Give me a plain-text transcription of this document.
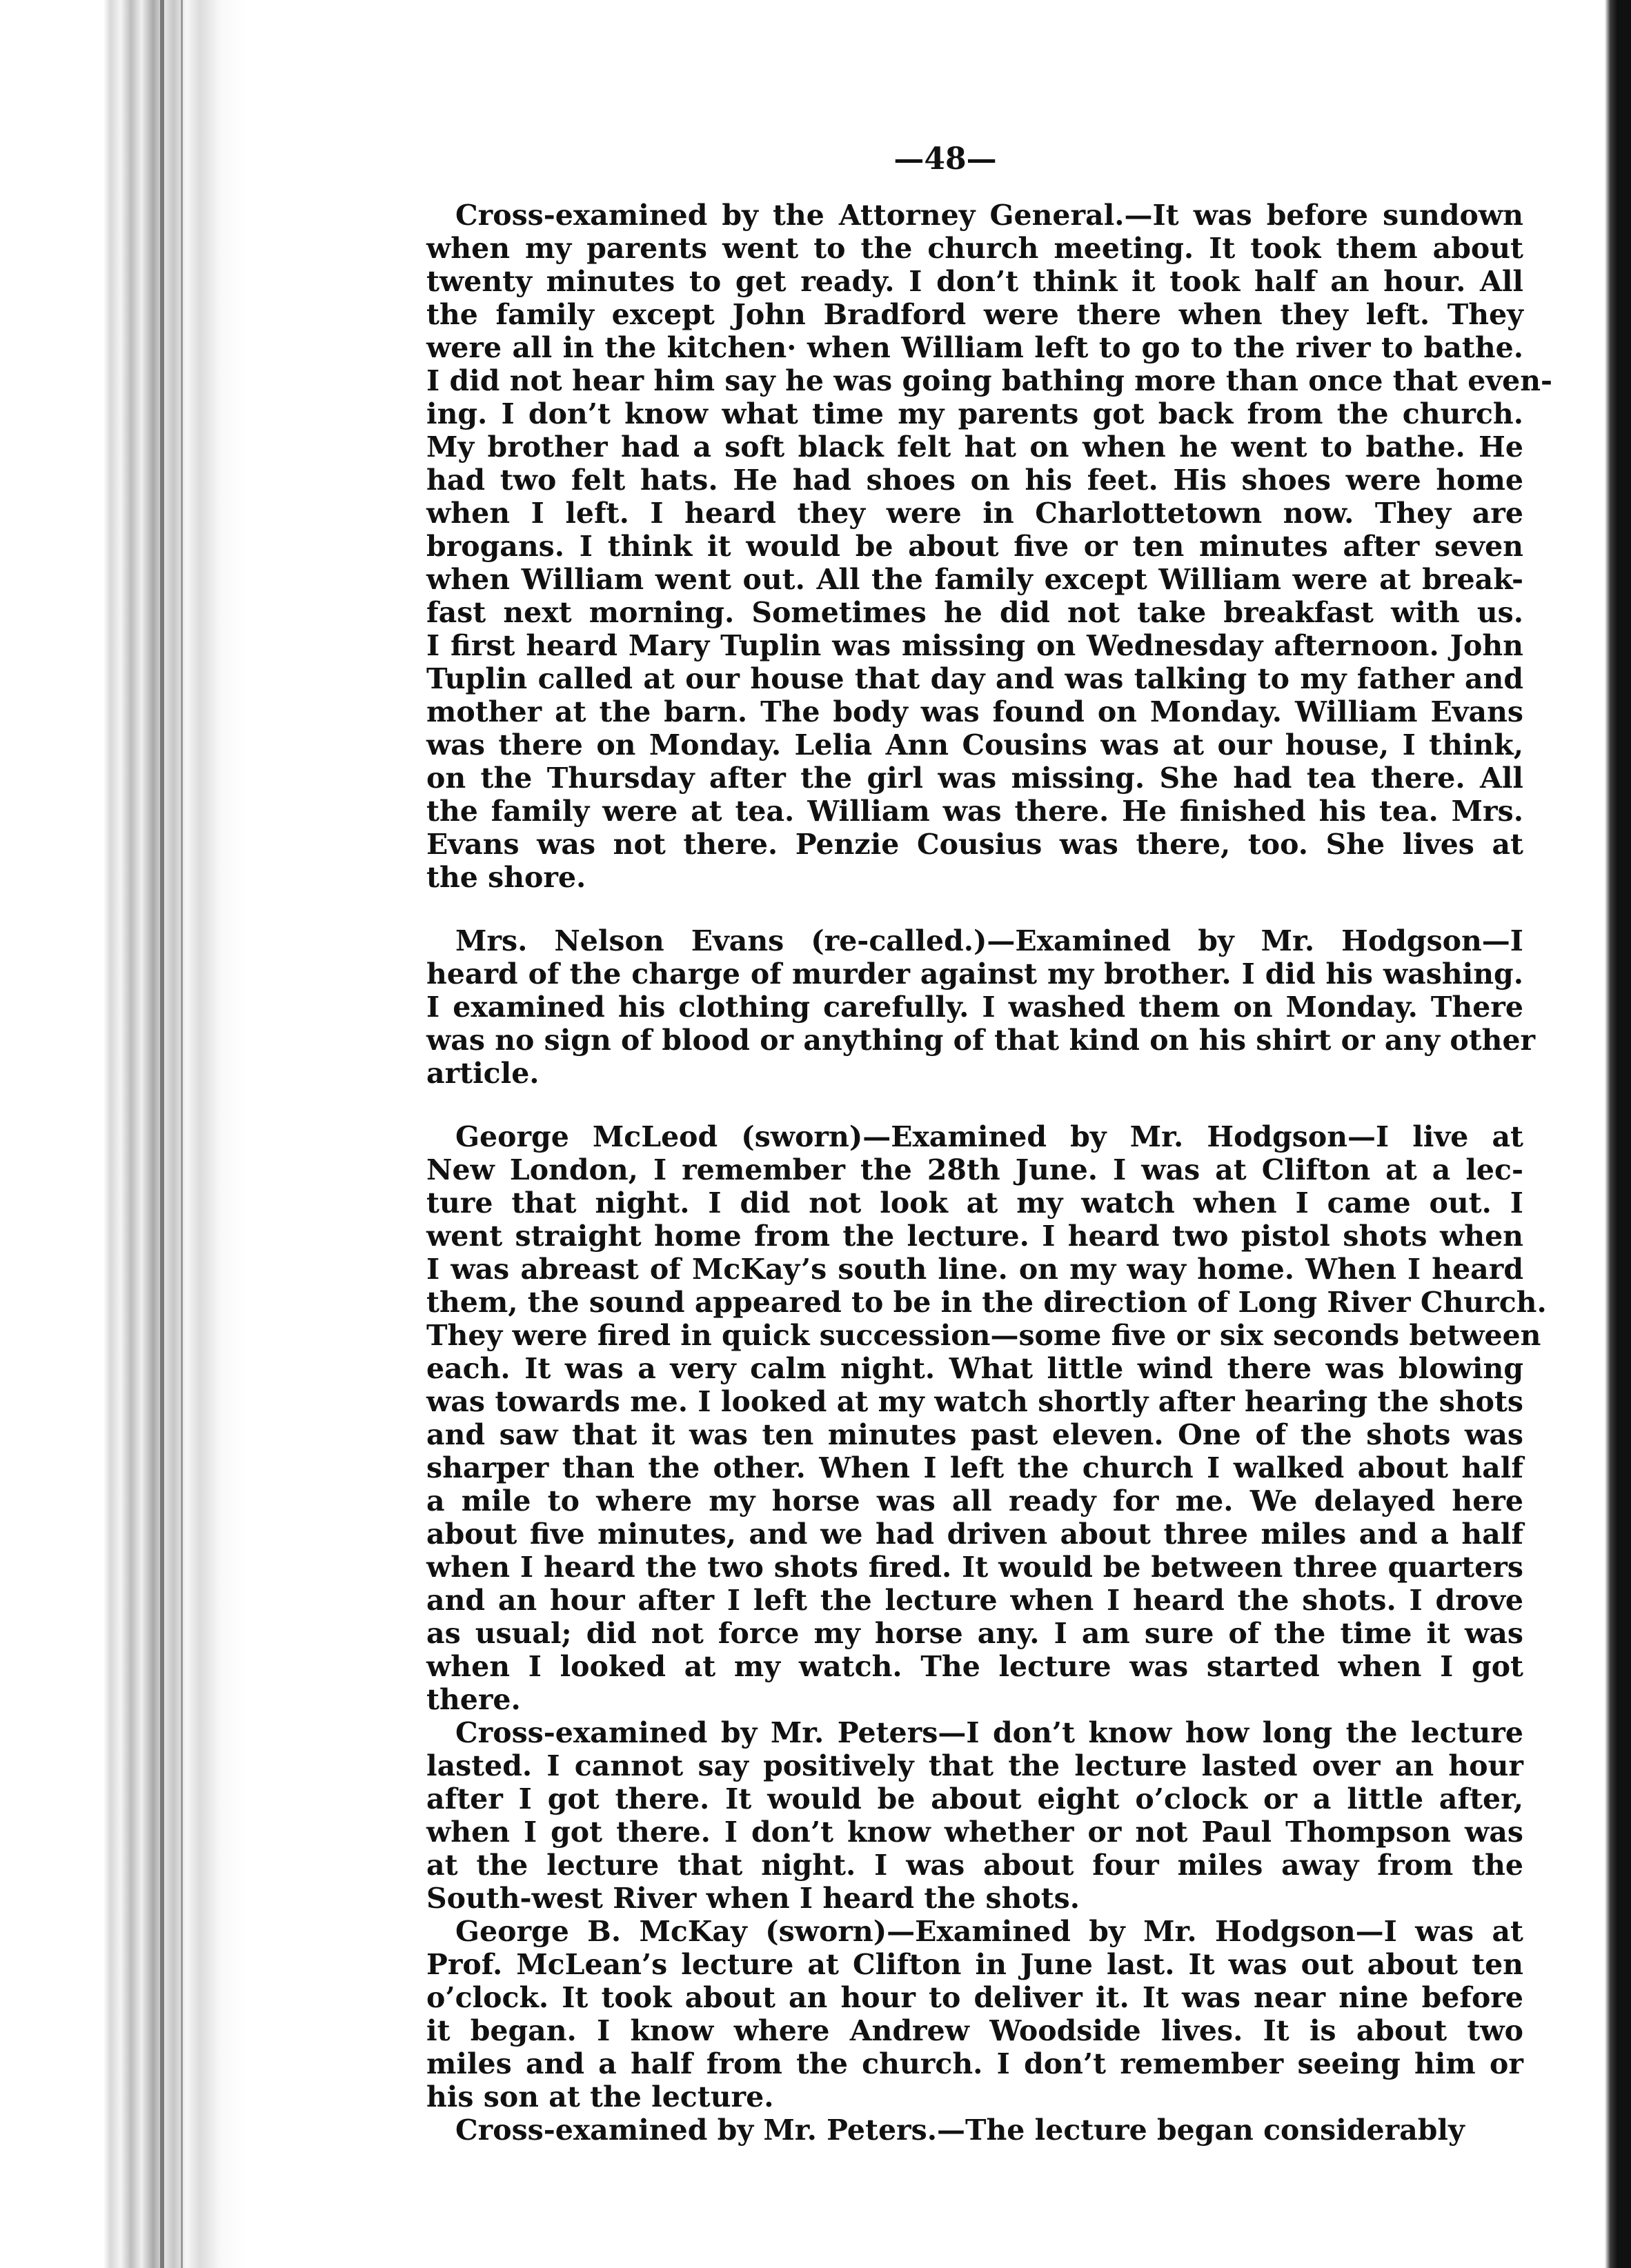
—48—
Cross-examined by the Attorney General.—It was before sundown
when my parents went to the church meeting. It took them about
twenty minutes to get ready. I don’t think it took half an hour. All
the family except John Bradford were there when they left. They
were all in the kitchen· when William left to go to the river to bathe.
I did not hear him say he was going bathing more than once that even-
ing. I don’t know what time my parents got back from the church.
My brother had a soft black felt hat on when he went to bathe. He
had two felt hats. He had shoes on his feet. His shoes were home
when I left. I heard they were in Charlottetown now. They are
brogans. I think it would be about five or ten minutes after seven
when William went out. All the family except William were at break-
fast next morning. Sometimes he did not take breakfast with us.
I first heard Mary Tuplin was missing on Wednesday afternoon. John
Tuplin called at our house that day and was talking to my father and
mother at the barn. The body was found on Monday. William Evans
was there on Monday. Lelia Ann Cousins was at our house, I think,
on the Thursday after the girl was missing. She had tea there. All
the family were at tea. William was there. He finished his tea. Mrs.
Evans was not there. Penzie Cousius was there, too. She lives at
the shore.
Mrs. Nelson Evans (re-called.)—Examined by Mr. Hodgson—I
heard of the charge of murder against my brother. I did his washing.
I examined his clothing carefully. I washed them on Monday. There
was no sign of blood or anything of that kind on his shirt or any other
article.
George McLeod (sworn)—Examined by Mr. Hodgson—I live at
New London, I remember the 28th June. I was at Clifton at a lec-
ture that night. I did not look at my watch when I came out. I
went straight home from the lecture. I heard two pistol shots when
I was abreast of McKay’s south line. on my way home. When I heard
them, the sound appeared to be in the direction of Long River Church.
They were fired in quick succession—some five or six seconds between
each. It was a very calm night. What little wind there was blowing
was towards me. I looked at my watch shortly after hearing the shots
and saw that it was ten minutes past eleven. One of the shots was
sharper than the other. When I left the church I walked about half
a mile to where my horse was all ready for me. We delayed here
about five minutes, and we had driven about three miles and a half
when I heard the two shots fired. It would be between three quarters
and an hour after I left the lecture when I heard the shots. I drove
as usual; did not force my horse any. I am sure of the time it was
when I looked at my watch. The lecture was started when I got
there.
Cross-examined by Mr. Peters—I don’t know how long the lecture
lasted. I cannot say positively that the lecture lasted over an hour
after I got there. It would be about eight o’clock or a little after,
when I got there. I don’t know whether or not Paul Thompson was
at the lecture that night. I was about four miles away from the
South-west River when I heard the shots.
George B. McKay (sworn)—Examined by Mr. Hodgson—I was at
Prof. McLean’s lecture at Clifton in June last. It was out about ten
o’clock. It took about an hour to deliver it. It was near nine before
it began. I know where Andrew Woodside lives. It is about two
miles and a half from the church. I don’t remember seeing him or
his son at the lecture.
Cross-examined by Mr. Peters.—The lecture began considerably
